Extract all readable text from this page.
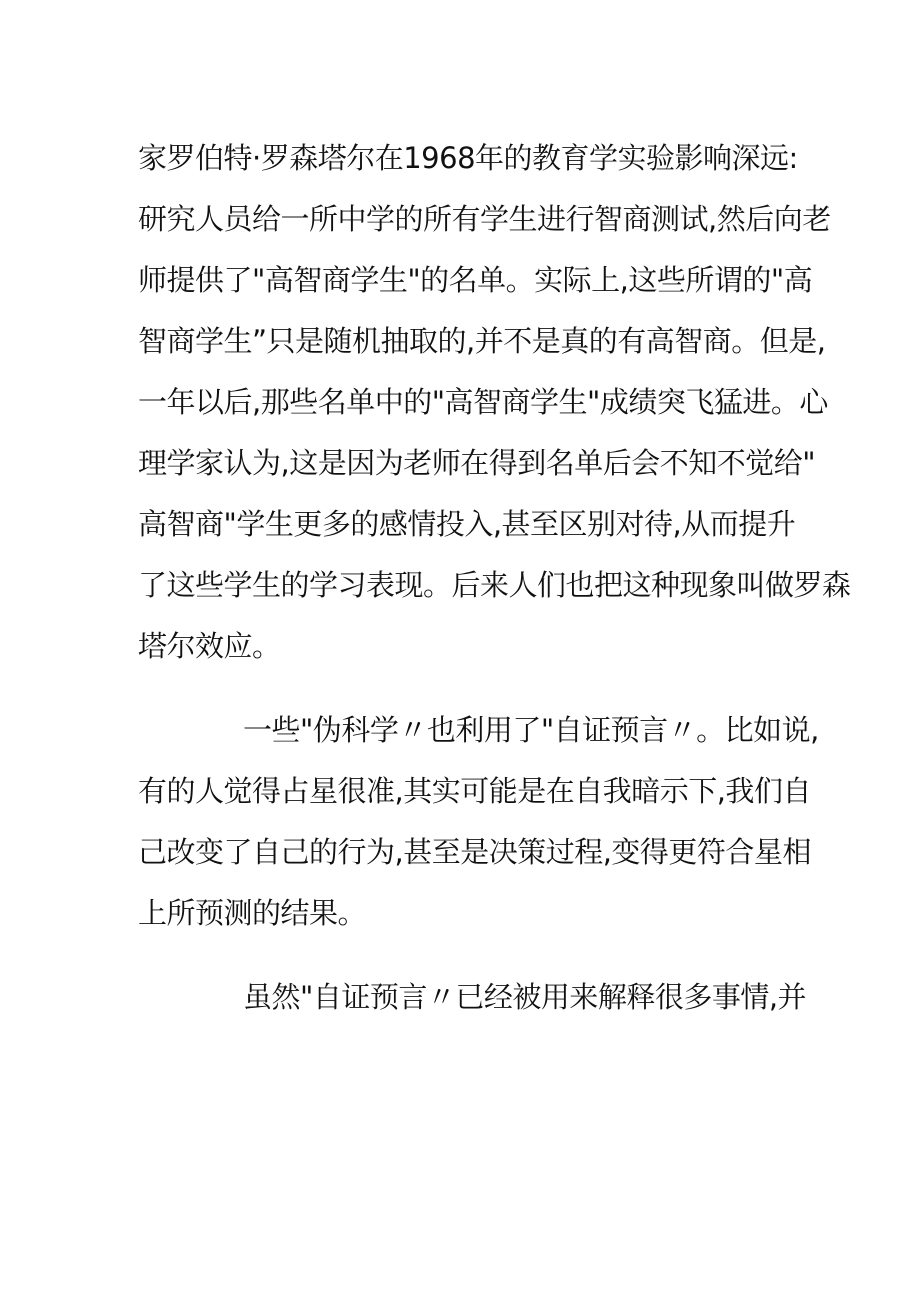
家罗伯特·罗森塔尔在1968年的教育学实验影响深远:
研究人员给一所中学的所有学生进行智商测试,然后向老
师提供了"高智商学生"的名单。实际上,这些所谓的"高
智商学生”只是随机抽取的,并不是真的有高智商。但是,
一年以后,那些名单中的"高智商学生"成绩突飞猛进。心
理学家认为,这是因为老师在得到名单后会不知不觉给"
高智商"学生更多的感情投入,甚至区别对待,从而提升
了这些学生的学习表现。后来人们也把这种现象叫做罗森
塔尔效应。
一些"伪科学〃也利用了"自证预言〃。比如说,
有的人觉得占星很准,其实可能是在自我暗示下,我们自
己改变了自己的行为,甚至是决策过程,变得更符合星相
上所预测的结果。
虽然"自证预言〃已经被用来解释很多事情,并
